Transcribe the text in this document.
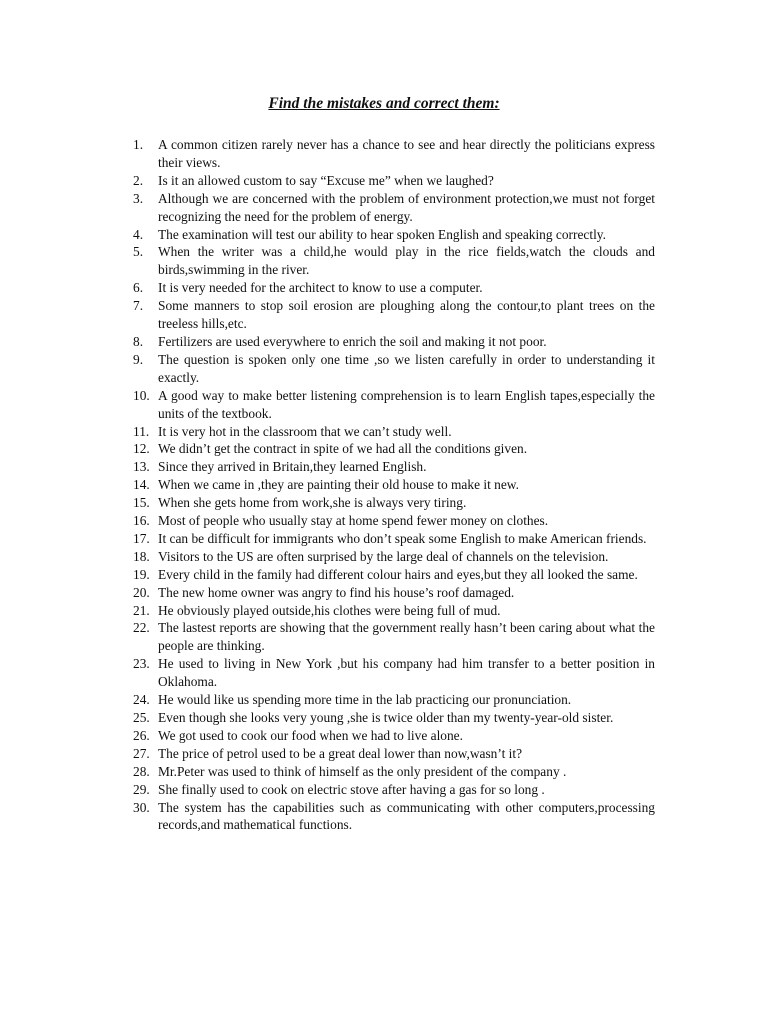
Find the mistakes and correct them:
1.	A common citizen rarely never has a chance to see and hear directly the politicians express their views.
2.	Is it an allowed custom to say “Excuse me” when we laughed?
3.	Although we are concerned with the problem of environment protection,we must not forget recognizing the need for the problem of energy.
4.	The examination will test our ability to hear spoken English and speaking correctly.
5.	When the writer was a child,he would play in the rice fields,watch the clouds and birds,swimming in the river.
6.	It is very needed for the architect to know to use a computer.
7.	Some manners to stop soil erosion are ploughing along the contour,to plant trees on the treeless hills,etc.
8.	Fertilizers are used everywhere to enrich the soil and making it not poor.
9.	The question is spoken only one time ,so we listen carefully in order to understanding it exactly.
10. A good way to make better listening comprehension is to learn English tapes,especially the units of the textbook.
11. It is very hot in the classroom that we can’t study well.
12. We didn’t get the contract in spite of we had all the conditions given.
13. Since they arrived in Britain,they learned English.
14. When we came in ,they are painting their old house to make it new.
15. When she gets home from work,she is always very tiring.
16. Most of people who usually stay at home spend fewer money on clothes.
17. It can be difficult for immigrants who don’t speak some English to make American friends.
18. Visitors to the US are often surprised by the large deal of channels on the television.
19. Every child in the family had different colour hairs and eyes,but they all looked the same.
20. The new home owner was angry to find his house’s roof damaged.
21. He obviously played outside,his clothes were being full of mud.
22. The lastest reports are showing that the government really hasn’t been caring about what the people are thinking.
23. He used to living in New York ,but his company had him transfer to a better position in Oklahoma.
24. He would like us spending more time in the lab practicing our pronunciation.
25. Even though she looks very young ,she is twice older than my twenty-year-old sister.
26. We got used to cook our food when we had to live alone.
27. The price of petrol used to be a great deal lower than now,wasn’t it?
28. Mr.Peter was used to think of himself as the only president of the company .
29. She finally used to cook on electric stove after having a gas for so long .
30. The system has the capabilities such as communicating with other computers,processing records,and mathematical functions.
